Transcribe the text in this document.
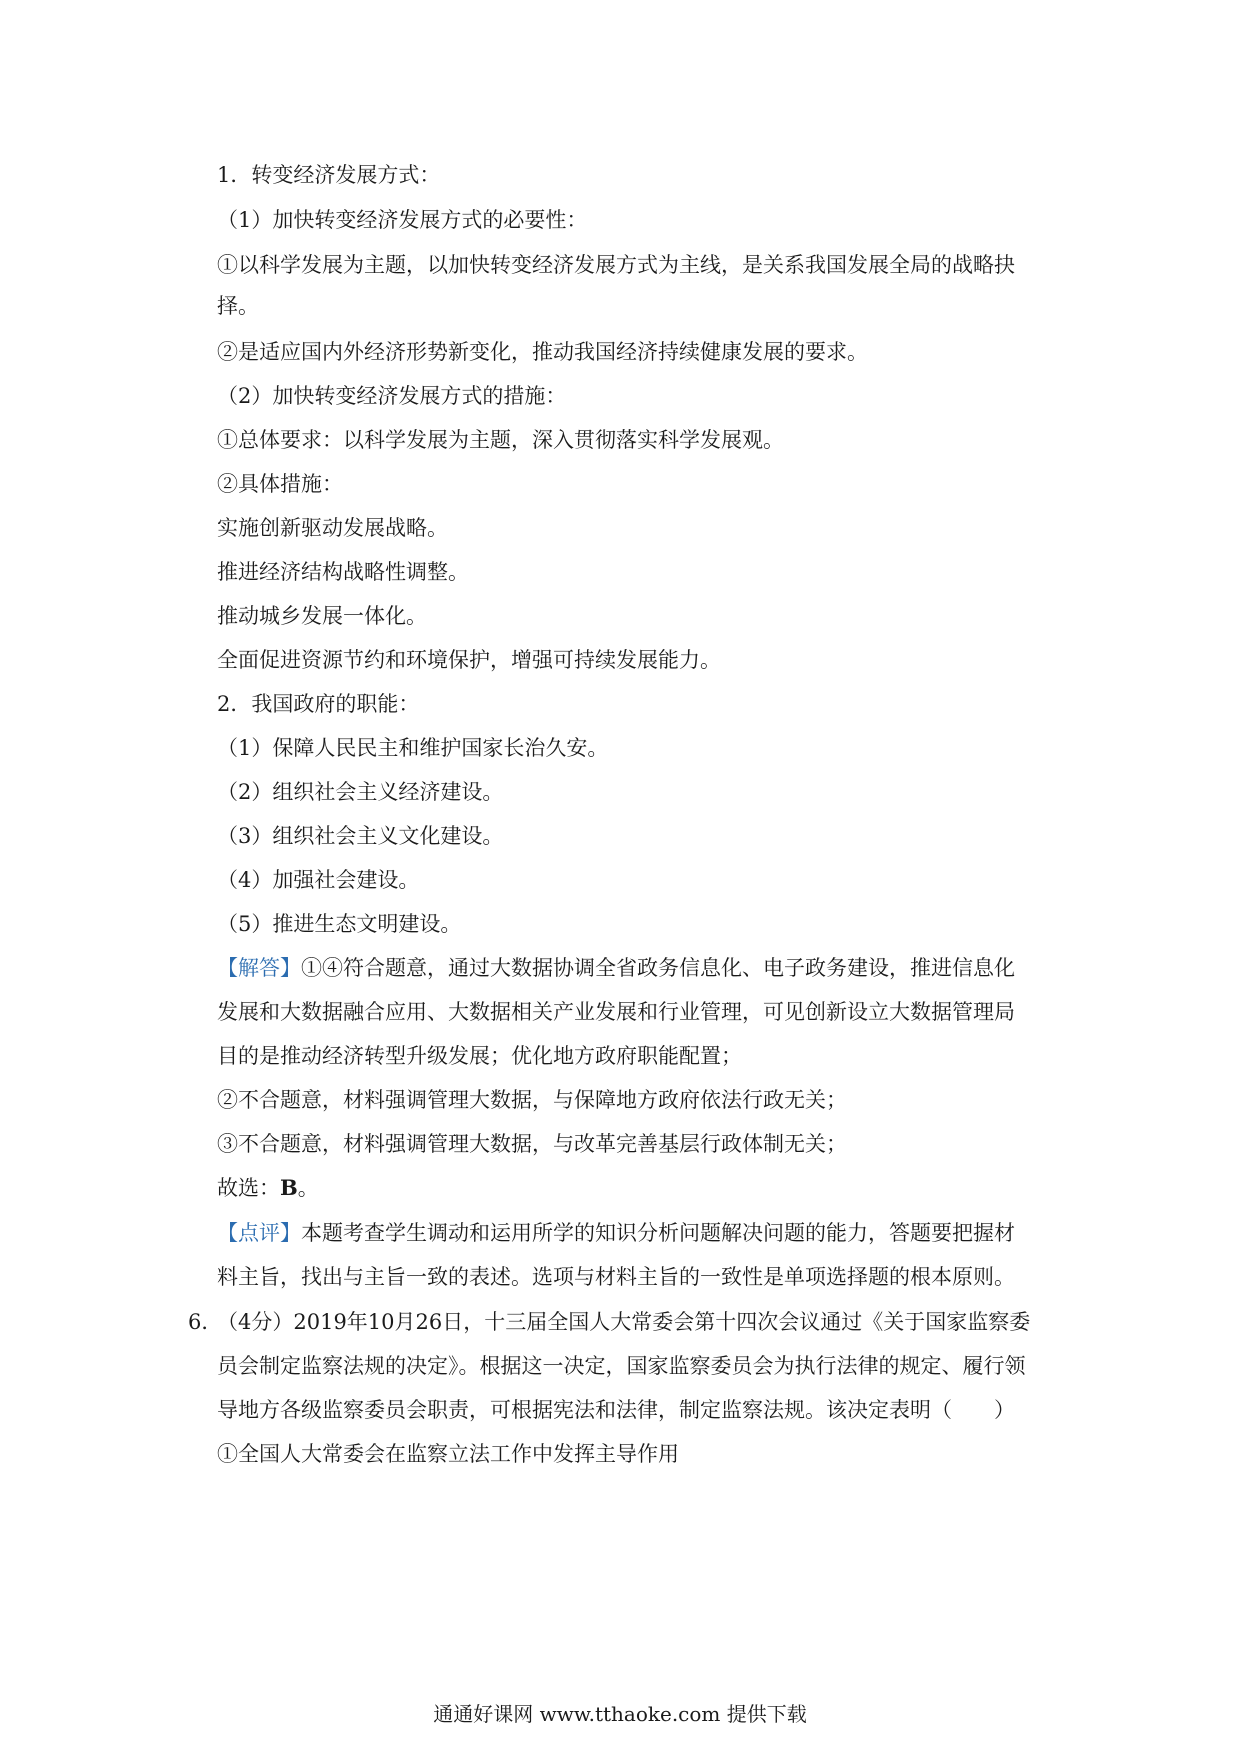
1．转变经济发展方式：
（1）加快转变经济发展方式的必要性：
①以科学发展为主题，以加快转变经济发展方式为主线，是关系我国发展全局的战略抉
择。
②是适应国内外经济形势新变化，推动我国经济持续健康发展的要求。
（2）加快转变经济发展方式的措施：
①总体要求：以科学发展为主题，深入贯彻落实科学发展观。
②具体措施：
实施创新驱动发展战略。
推进经济结构战略性调整。
推动城乡发展一体化。
全面促进资源节约和环境保护，增强可持续发展能力。
2．我国政府的职能：
（1）保障人民民主和维护国家长治久安。
（2）组织社会主义经济建设。
（3）组织社会主义文化建设。
（4）加强社会建设。
（5）推进生态文明建设。
【解答】①④符合题意，通过大数据协调全省政务信息化、电子政务建设，推进信息化
发展和大数据融合应用、大数据相关产业发展和行业管理，可见创新设立大数据管理局
目的是推动经济转型升级发展；优化地方政府职能配置；
②不合题意，材料强调管理大数据，与保障地方政府依法行政无关；
③不合题意，材料强调管理大数据，与改革完善基层行政体制无关；
故选：B。
【点评】本题考查学生调动和运用所学的知识分析问题解决问题的能力，答题要把握材
料主旨，找出与主旨一致的表述。选项与材料主旨的一致性是单项选择题的根本原则。
6．
（4分）2019年10月26日，十三届全国人大常委会第十四次会议通过《关于国家监察委
员会制定监察法规的决定》。根据这一决定，国家监察委员会为执行法律的规定、履行领
导地方各级监察委员会职责，可根据宪法和法律，制定监察法规。该决定表明（　　）
①全国人大常委会在监察立法工作中发挥主导作用
通通好课网 www.tthaoke.com 提供下载
